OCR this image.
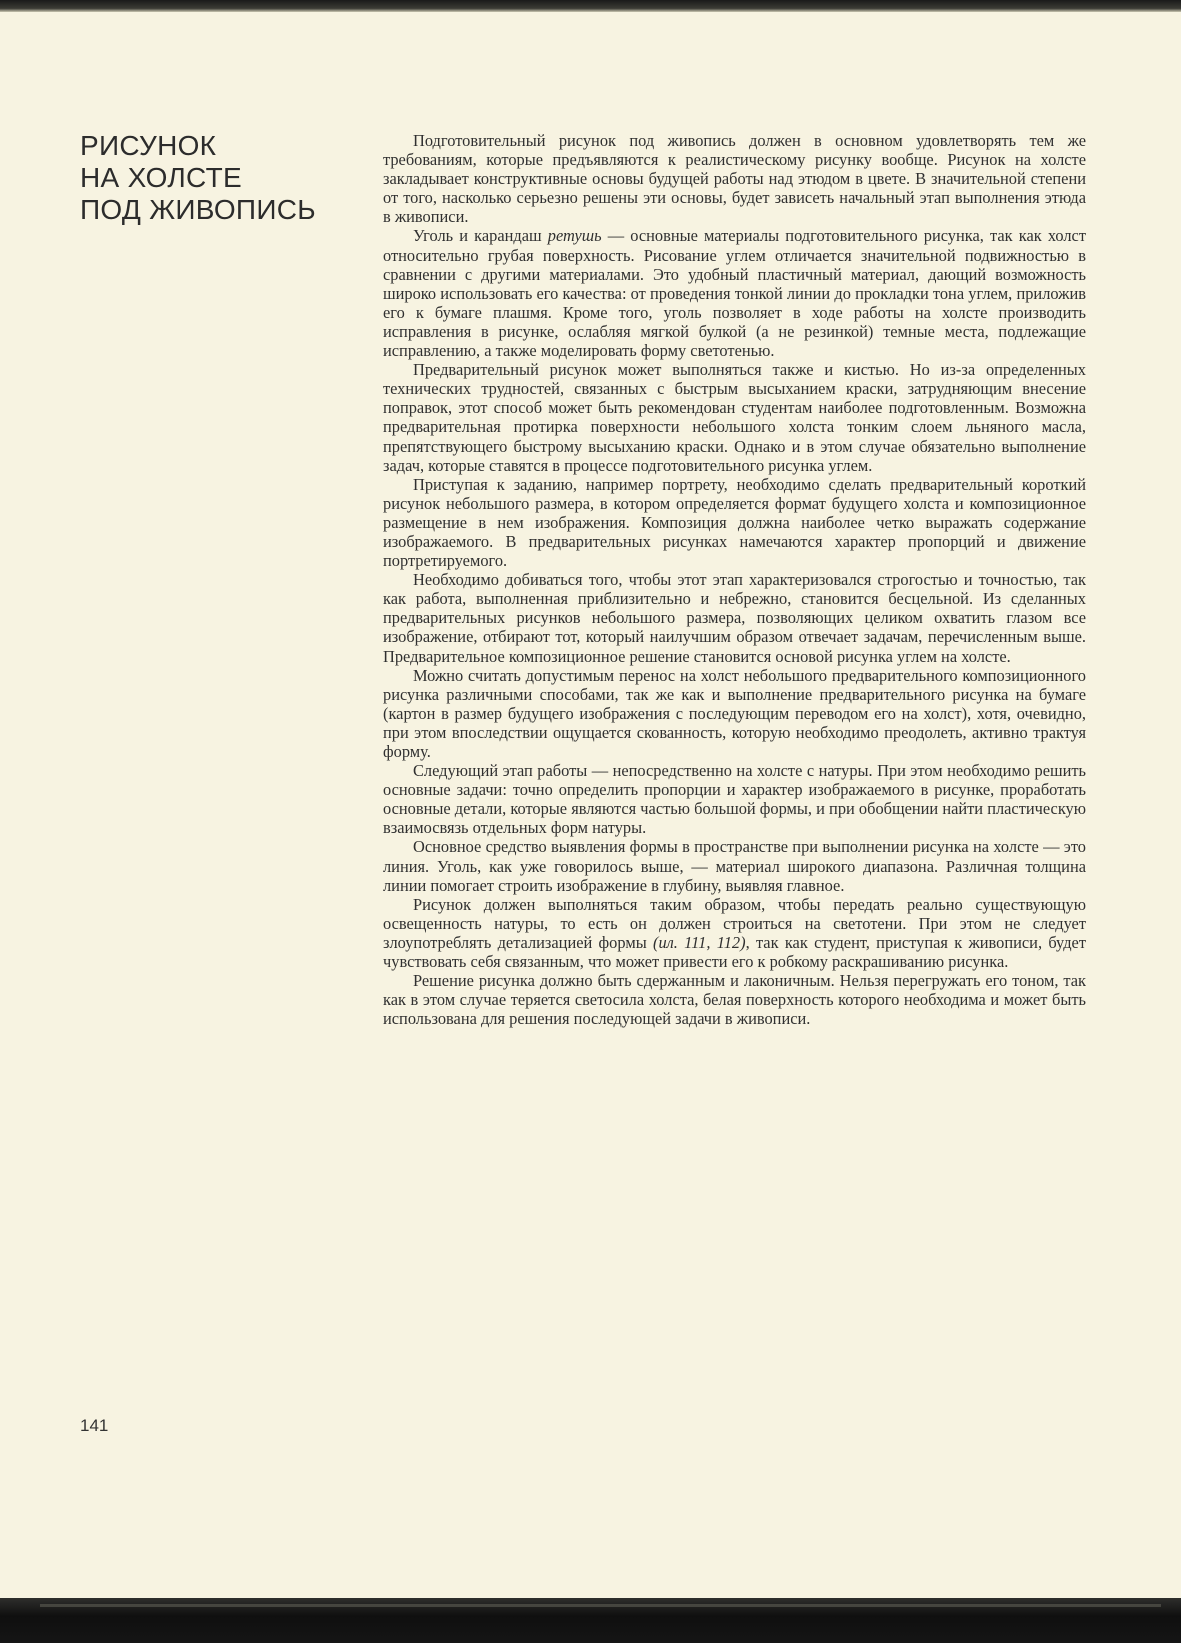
РИСУНОК
НА ХОЛСТЕ
ПОД ЖИВОПИСЬ

Подготовительный рисунок под живопись должен в основном удовлетворять тем же требованиям, которые предъявляются к реалистическому рисунку вообще. Рисунок на холсте закладывает конструктивные основы будущей работы над этюдом в цвете. В значительной степени от того, насколько серьезно решены эти основы, будет зависеть начальный этап выполнения этюда в живописи.

Уголь и карандаш ретушь — основные материалы подготовительного рисунка, так как холст относительно грубая поверхность. Рисование углем отличается значительной подвижностью в сравнении с другими материалами. Это удобный пластичный материал, дающий возможность широко использовать его качества: от проведения тонкой линии до прокладки тона углем, приложив его к бумаге плашмя. Кроме того, уголь позволяет в ходе работы на холсте производить исправления в рисунке, ослабляя мягкой булкой (а не резинкой) темные места, подлежащие исправлению, а также моделировать форму светотенью.

Предварительный рисунок может выполняться также и кистью. Но из-за определенных технических трудностей, связанных с быстрым высыханием краски, затрудняющим внесение поправок, этот способ может быть рекомендован студентам наиболее подготовленным. Возможна предварительная протирка поверхности небольшого холста тонким слоем льняного масла, препятствующего быстрому высыханию краски. Однако и в этом случае обязательно выполнение задач, которые ставятся в процессе подготовительного рисунка углем.

Приступая к заданию, например портрету, необходимо сделать предварительный короткий рисунок небольшого размера, в котором определяется формат будущего холста и композиционное размещение в нем изображения. Композиция должна наиболее четко выражать содержание изображаемого. В предварительных рисунках намечаются характер пропорций и движение портретируемого.

Необходимо добиваться того, чтобы этот этап характеризовался строгостью и точностью, так как работа, выполненная приблизительно и небрежно, становится бесцельной. Из сделанных предварительных рисунков небольшого размера, позволяющих целиком охватить глазом все изображение, отбирают тот, который наилучшим образом отвечает задачам, перечисленным выше. Предварительное композиционное решение становится основой рисунка углем на холсте.

Можно считать допустимым перенос на холст небольшого предварительного композиционного рисунка различными способами, так же как и выполнение предварительного рисунка на бумаге (картон в размер будущего изображения с последующим переводом его на холст), хотя, очевидно, при этом впоследствии ощущается скованность, которую необходимо преодолеть, активно трактуя форму.

Следующий этап работы — непосредственно на холсте с натуры. При этом необходимо решить основные задачи: точно определить пропорции и характер изображаемого в рисунке, проработать основные детали, которые являются частью большой формы, и при обобщении найти пластическую взаимосвязь отдельных форм натуры.

Основное средство выявления формы в пространстве при выполнении рисунка на холсте — это линия. Уголь, как уже говорилось выше, — материал широкого диапазона. Различная толщина линии помогает строить изображение в глубину, выявляя главное.

Рисунок должен выполняться таким образом, чтобы передать реально существующую освещенность натуры, то есть он должен строиться на светотени. При этом не следует злоупотреблять детализацией формы (ил. 111, 112), так как студент, приступая к живописи, будет чувствовать себя связанным, что может привести его к робкому раскрашиванию рисунка.

Решение рисунка должно быть сдержанным и лаконичным. Нельзя перегружать его тоном, так как в этом случае теряется светосила холста, белая поверхность которого необходима и может быть использована для решения последующей задачи в живописи.

141
